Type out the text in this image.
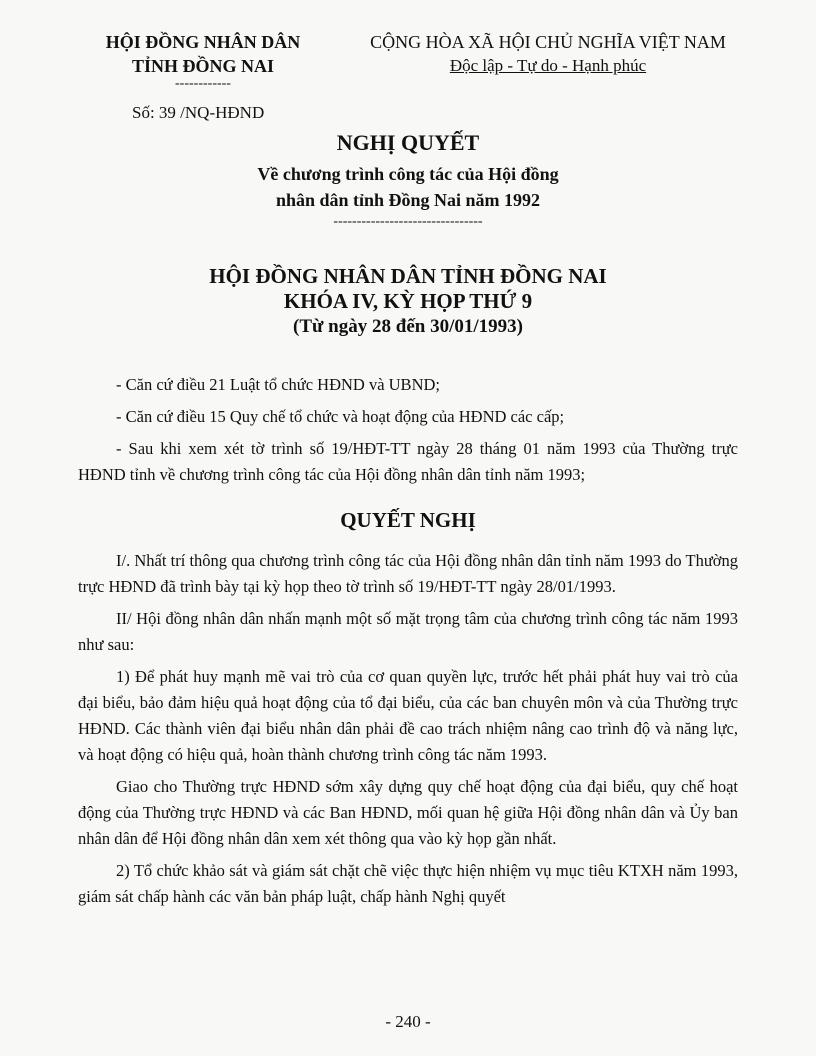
HỘI ĐỒNG NHÂN DÂN
TỈNH ĐỒNG NAI
------------
CỘNG HÒA XÃ HỘI CHỦ NGHĨA VIỆT NAM
Độc lập - Tự do - Hạnh phúc
Số: 39 /NQ-HĐND
NGHỊ QUYẾT
Về chương trình công tác của Hội đồng
nhân dân tỉnh Đồng Nai năm 1992
--------------------------------
HỘI ĐỒNG NHÂN DÂN TỈNH ĐỒNG NAI
KHÓA IV, KỲ HỌP THỨ 9
(Từ ngày 28 đến 30/01/1993)

- Căn cứ điều 21 Luật tổ chức HĐND và UBND;

- Căn cứ điều 15 Quy chế tổ chức và hoạt động của HĐND các cấp;

- Sau khi xem xét tờ trình số 19/HĐT-TT ngày 28 tháng 01 năm 1993 của Thường trực HĐND tỉnh về chương trình công tác của Hội đồng nhân dân tỉnh năm 1993;

QUYẾT NGHỊ

I/. Nhất trí thông qua chương trình công tác của Hội đồng nhân dân tỉnh năm 1993 do Thường trực HĐND đã trình bày tại kỳ họp theo tờ trình số 19/HĐT-TT ngày 28/01/1993.

II/ Hội đồng nhân dân nhấn mạnh một số mặt trọng tâm của chương trình công tác năm 1993 như sau:

1) Để phát huy mạnh mẽ vai trò của cơ quan quyền lực, trước hết phải phát huy vai trò của đại biểu, bảo đảm hiệu quả hoạt động của tổ đại biểu, của các ban chuyên môn và của Thường trực HĐND. Các thành viên đại biểu nhân dân phải đề cao trách nhiệm nâng cao trình độ và năng lực, và hoạt động có hiệu quả, hoàn thành chương trình công tác năm 1993.

Giao cho Thường trực HĐND sớm xây dựng quy chế hoạt động của đại biểu, quy chế hoạt động của Thường trực HĐND và các Ban HĐND, mối quan hệ giữa Hội đồng nhân dân và Ủy ban nhân dân để Hội đồng nhân dân xem xét thông qua vào kỳ họp gần nhất.

2) Tổ chức khảo sát và giám sát chặt chẽ việc thực hiện nhiệm vụ mục tiêu KTXH năm 1993, giám sát chấp hành các văn bản pháp luật, chấp hành Nghị quyết

- 240 -
